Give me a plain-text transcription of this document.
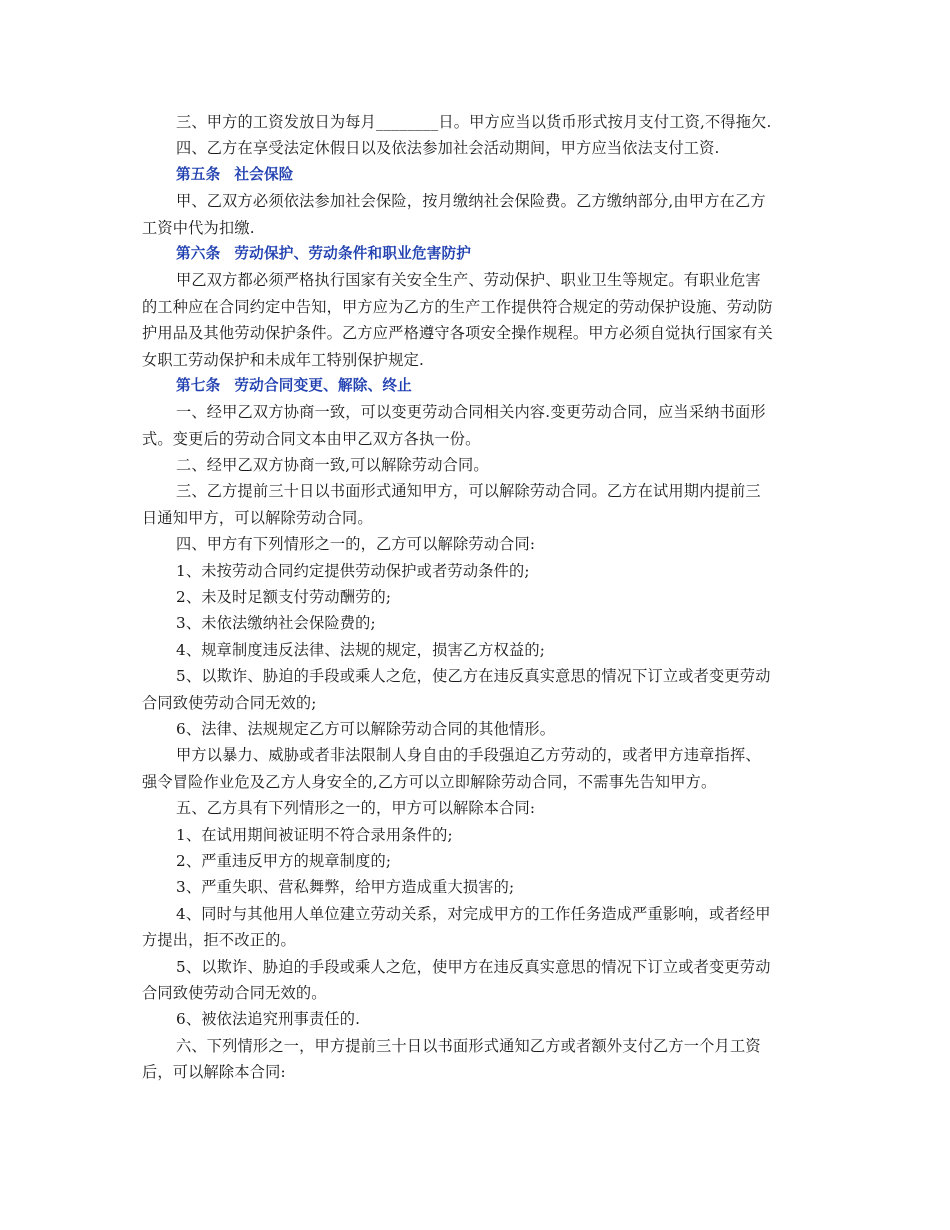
三、甲方的工资发放日为每月________日。甲方应当以货币形式按月支付工资,不得拖欠.
四、乙方在享受法定休假日以及依法参加社会活动期间，甲方应当依法支付工资.
第五条 社会保险
甲、乙双方必须依法参加社会保险，按月缴纳社会保险费。乙方缴纳部分,由甲方在乙方
工资中代为扣缴.
第六条 劳动保护、劳动条件和职业危害防护
甲乙双方都必须严格执行国家有关安全生产、劳动保护、职业卫生等规定。有职业危害
的工种应在合同约定中告知，甲方应为乙方的生产工作提供符合规定的劳动保护设施、劳动防
护用品及其他劳动保护条件。乙方应严格遵守各项安全操作规程。甲方必须自觉执行国家有关
女职工劳动保护和未成年工特别保护规定.
第七条 劳动合同变更、解除、终止
一、经甲乙双方协商一致，可以变更劳动合同相关内容.变更劳动合同，应当采纳书面形
式。变更后的劳动合同文本由甲乙双方各执一份。
二、经甲乙双方协商一致,可以解除劳动合同。
三、乙方提前三十日以书面形式通知甲方，可以解除劳动合同。乙方在试用期内提前三
日通知甲方，可以解除劳动合同。
四、甲方有下列情形之一的，乙方可以解除劳动合同:
1、未按劳动合同约定提供劳动保护或者劳动条件的;
2、未及时足额支付劳动酬劳的;
3、未依法缴纳社会保险费的;
4、规章制度违反法律、法规的规定，损害乙方权益的;
5、以欺诈、胁迫的手段或乘人之危，使乙方在违反真实意思的情况下订立或者变更劳动
合同致使劳动合同无效的;
6、法律、法规规定乙方可以解除劳动合同的其他情形。
甲方以暴力、威胁或者非法限制人身自由的手段强迫乙方劳动的，或者甲方违章指挥、
强令冒险作业危及乙方人身安全的,乙方可以立即解除劳动合同，不需事先告知甲方。
五、乙方具有下列情形之一的，甲方可以解除本合同:
1、在试用期间被证明不符合录用条件的;
2、严重违反甲方的规章制度的;
3、严重失职、营私舞弊，给甲方造成重大损害的;
4、同时与其他用人单位建立劳动关系，对完成甲方的工作任务造成严重影响，或者经甲
方提出，拒不改正的。
5、以欺诈、胁迫的手段或乘人之危，使甲方在违反真实意思的情况下订立或者变更劳动
合同致使劳动合同无效的。
6、被依法追究刑事责任的.
六、下列情形之一，甲方提前三十日以书面形式通知乙方或者额外支付乙方一个月工资
后，可以解除本合同:
